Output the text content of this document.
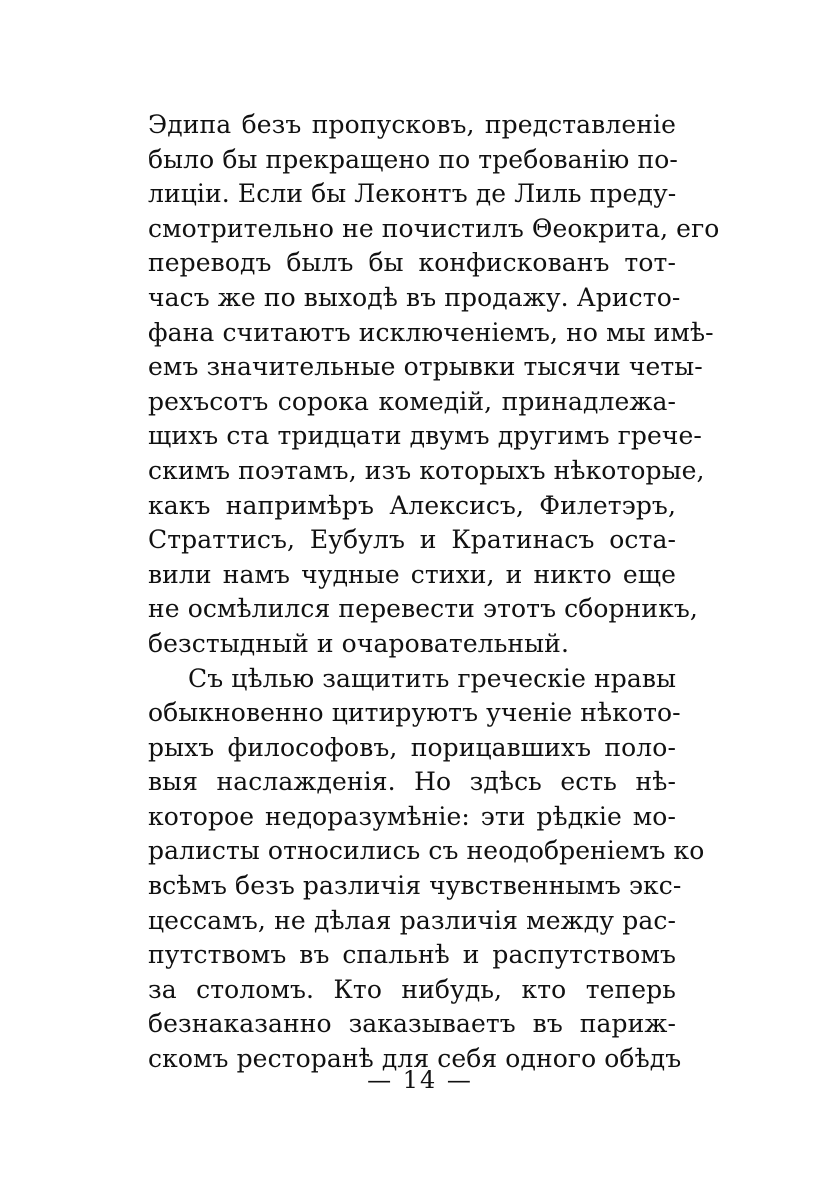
Эдипа безъ пропусковъ, представленіе
было бы прекращено по требованію по-
лиціи. Если бы Леконтъ де Лиль преду-
смотрительно не почистилъ Θеокрита, его
переводъ былъ бы конфискованъ тот-
часъ же по выходѣ въ продажу. Аристо-
фана считаютъ исключеніемъ, но мы имѣ-
емъ значительные отрывки тысячи четы-
рехъсотъ сорока комедій, принадлежа-
щихъ ста тридцати двумъ другимъ грече-
скимъ поэтамъ, изъ которыхъ нѣкоторые,
какъ напримѣръ Алексисъ, Филетэръ,
Страттисъ, Еубулъ и Кратинасъ оста-
вили намъ чудные стихи, и никто еще
не осмѣлился перевести этотъ сборникъ,
безстыдный и очаровательный.
Съ цѣлью защитить греческіе нравы
обыкновенно цитируютъ ученіе нѣкото-
рыхъ философовъ, порицавшихъ поло-
выя наслажденія. Но здѣсь есть нѣ-
которое недоразумѣніе: эти рѣдкіе мо-
ралисты относились съ неодобреніемъ ко
всѣмъ безъ различія чувственнымъ экс-
цессамъ, не дѣлая различія между рас-
путствомъ въ спальнѣ и распутствомъ
за столомъ. Кто нибудь, кто теперь
безнаказанно заказываетъ въ париж-
скомъ ресторанѣ для себя одного обѣдъ
— 14 —
